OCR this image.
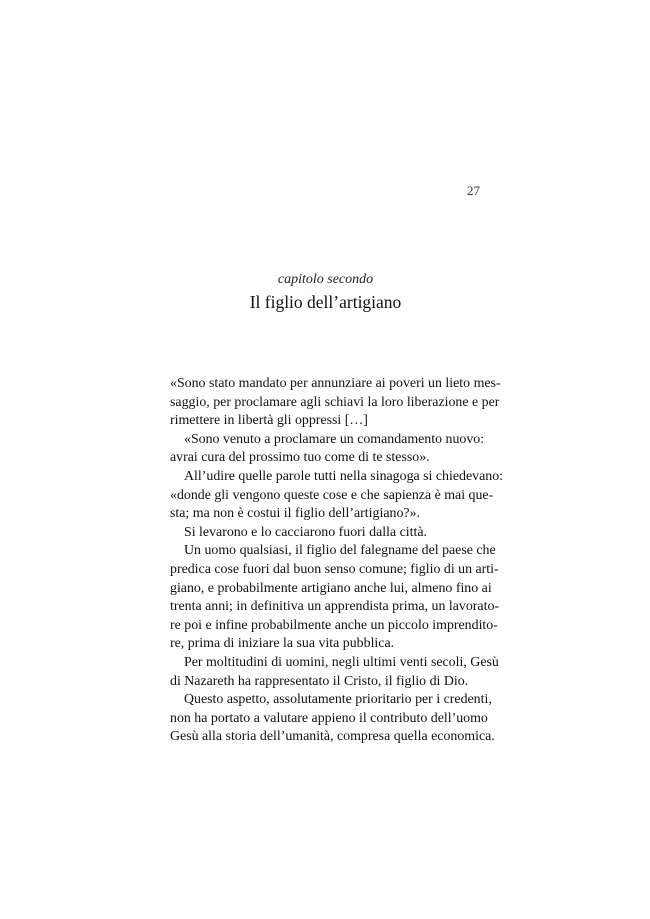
27
capitolo secondo
Il figlio dell’artigiano
«Sono stato mandato per annunziare ai poveri un lieto mes-
saggio, per proclamare agli schiavi la loro liberazione e per
rimettere in libertà gli oppressi […]
«Sono venuto a proclamare un comandamento nuovo:
avrai cura del prossimo tuo come di te stesso».
All’udire quelle parole tutti nella sinagoga si chiedevano:
«donde gli vengono queste cose e che sapienza è mai que-
sta; ma non è costui il figlio dell’artigiano?».
Si levarono e lo cacciarono fuori dalla città.
Un uomo qualsiasi, il figlio del falegname del paese che
predica cose fuori dal buon senso comune; figlio di un arti-
giano, e probabilmente artigiano anche lui, almeno fino ai
trenta anni; in definitiva un apprendista prima, un lavorato-
re poi e infine probabilmente anche un piccolo imprendito-
re, prima di iniziare la sua vita pubblica.
Per moltitudini di uomini, negli ultimi venti secoli, Gesù
di Nazareth ha rappresentato il Cristo, il figlio di Dio.
Questo aspetto, assolutamente prioritario per i credenti,
non ha portato a valutare appieno il contributo dell’uomo
Gesù alla storia dell’umanità, compresa quella economica.
